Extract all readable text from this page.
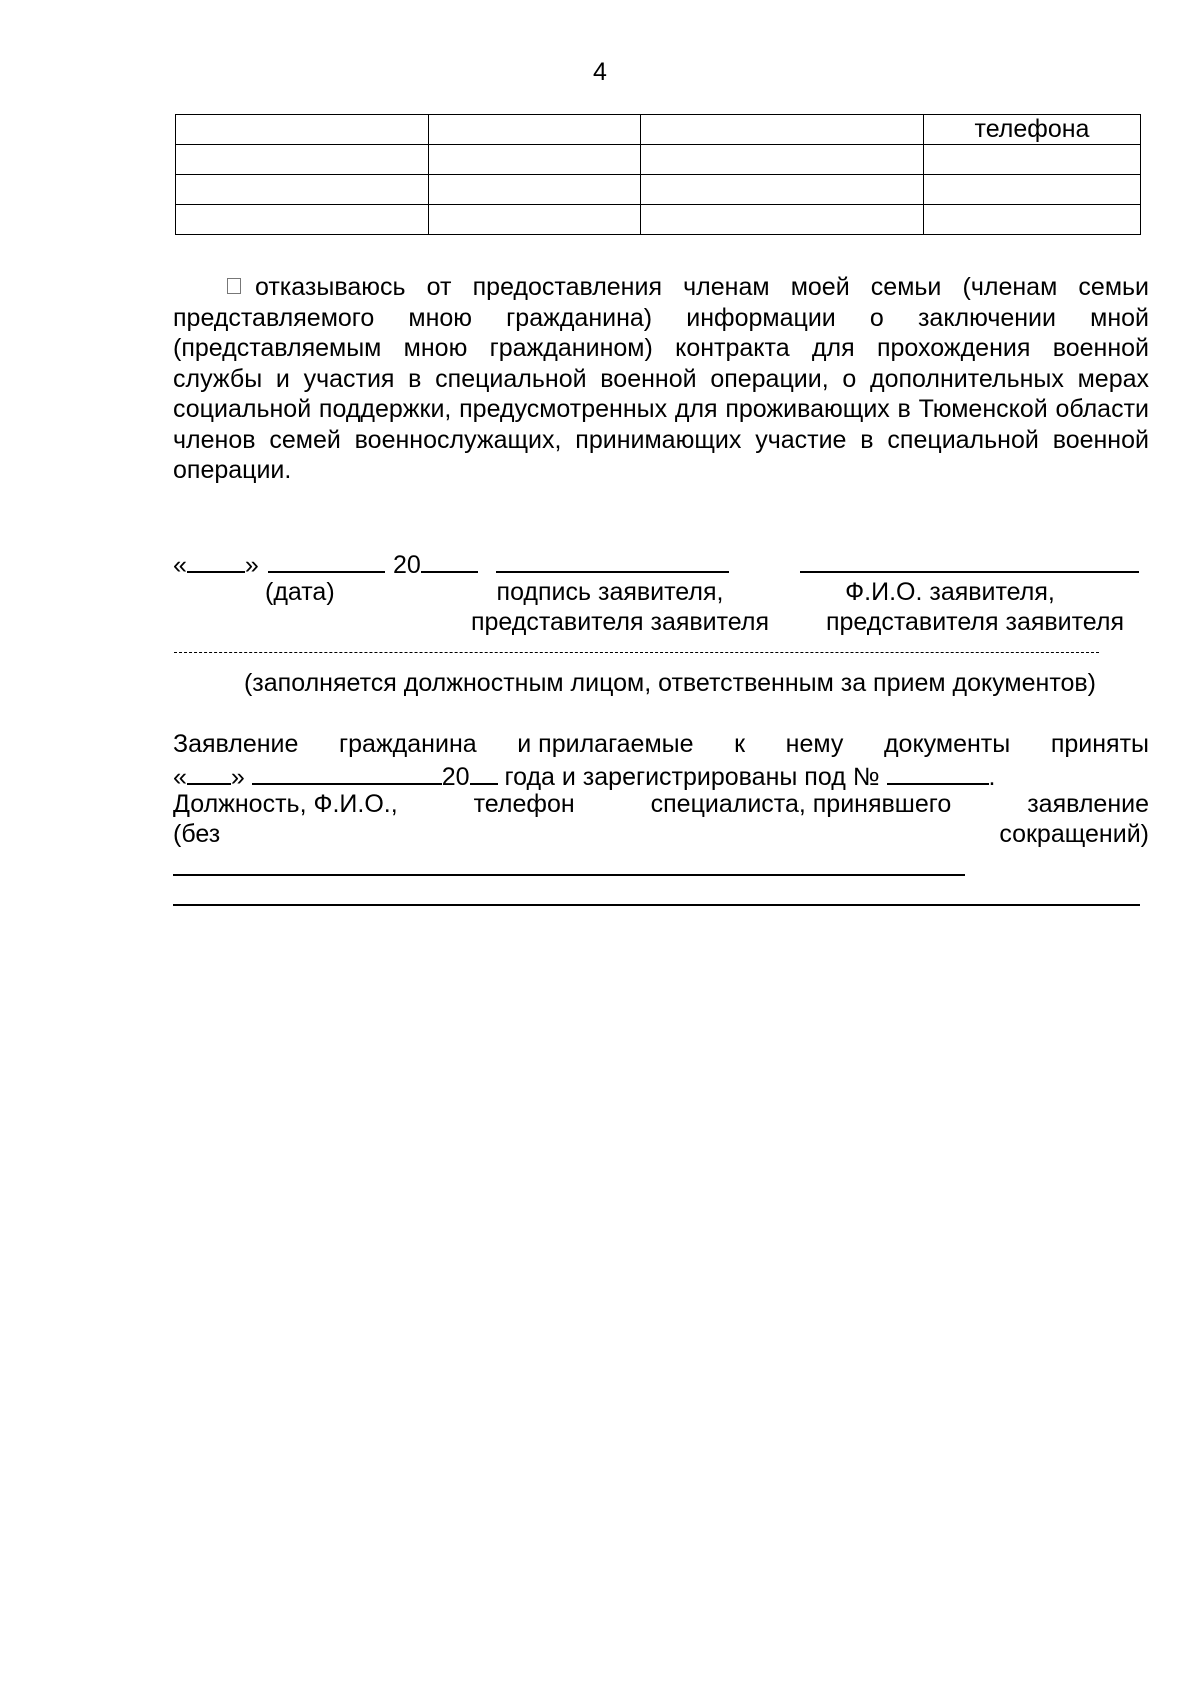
4
			телефона

отказываюсь от предоставления членам моей семьи (членам семьи представляемого мною гражданина) информации о заключении мной (представляемым мною гражданином) контракта для прохождения военной службы и участия в специальной военной операции, о дополнительных мерах социальной поддержки, предусмотренных для проживающих в Тюменской области членов семей военнослужащих, принимающих участие в специальной военной операции.
« »	20
(дата)	подпись заявителя,
представителя заявителя
Ф.И.О. заявителя,
представителя заявителя
(заполняется должностным лицом, ответственным за прием документов)
Заявление гражданина и прилагаемые к нему документы приняты
« »	20 года и зарегистрированы под №	.
Должность, Ф.И.О.,	телефон	специалиста, принявшего	заявление
(без	сокращений)
